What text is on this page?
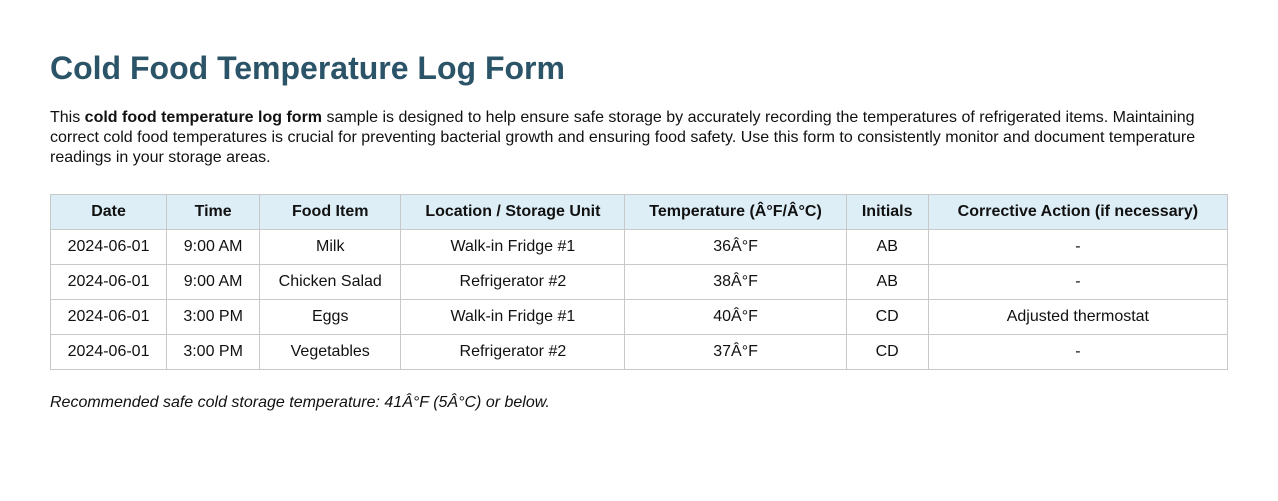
Cold Food Temperature Log Form

This cold food temperature log form sample is designed to help ensure safe storage by accurately recording the temperatures of refrigerated items. Maintaining correct cold food temperatures is crucial for preventing bacterial growth and ensuring food safety. Use this form to consistently monitor and document temperature readings in your storage areas.

Date	Time	Food Item	Location / Storage Unit	Temperature (Â°F/Â°C)	Initials	Corrective Action (if necessary)
2024-06-01	9:00 AM	Milk	Walk-in Fridge #1	36Â°F	AB	-
2024-06-01	9:00 AM	Chicken Salad	Refrigerator #2	38Â°F	AB	-
2024-06-01	3:00 PM	Eggs	Walk-in Fridge #1	40Â°F	CD	Adjusted thermostat
2024-06-01	3:00 PM	Vegetables	Refrigerator #2	37Â°F	CD	-

Recommended safe cold storage temperature: 41Â°F (5Â°C) or below.
